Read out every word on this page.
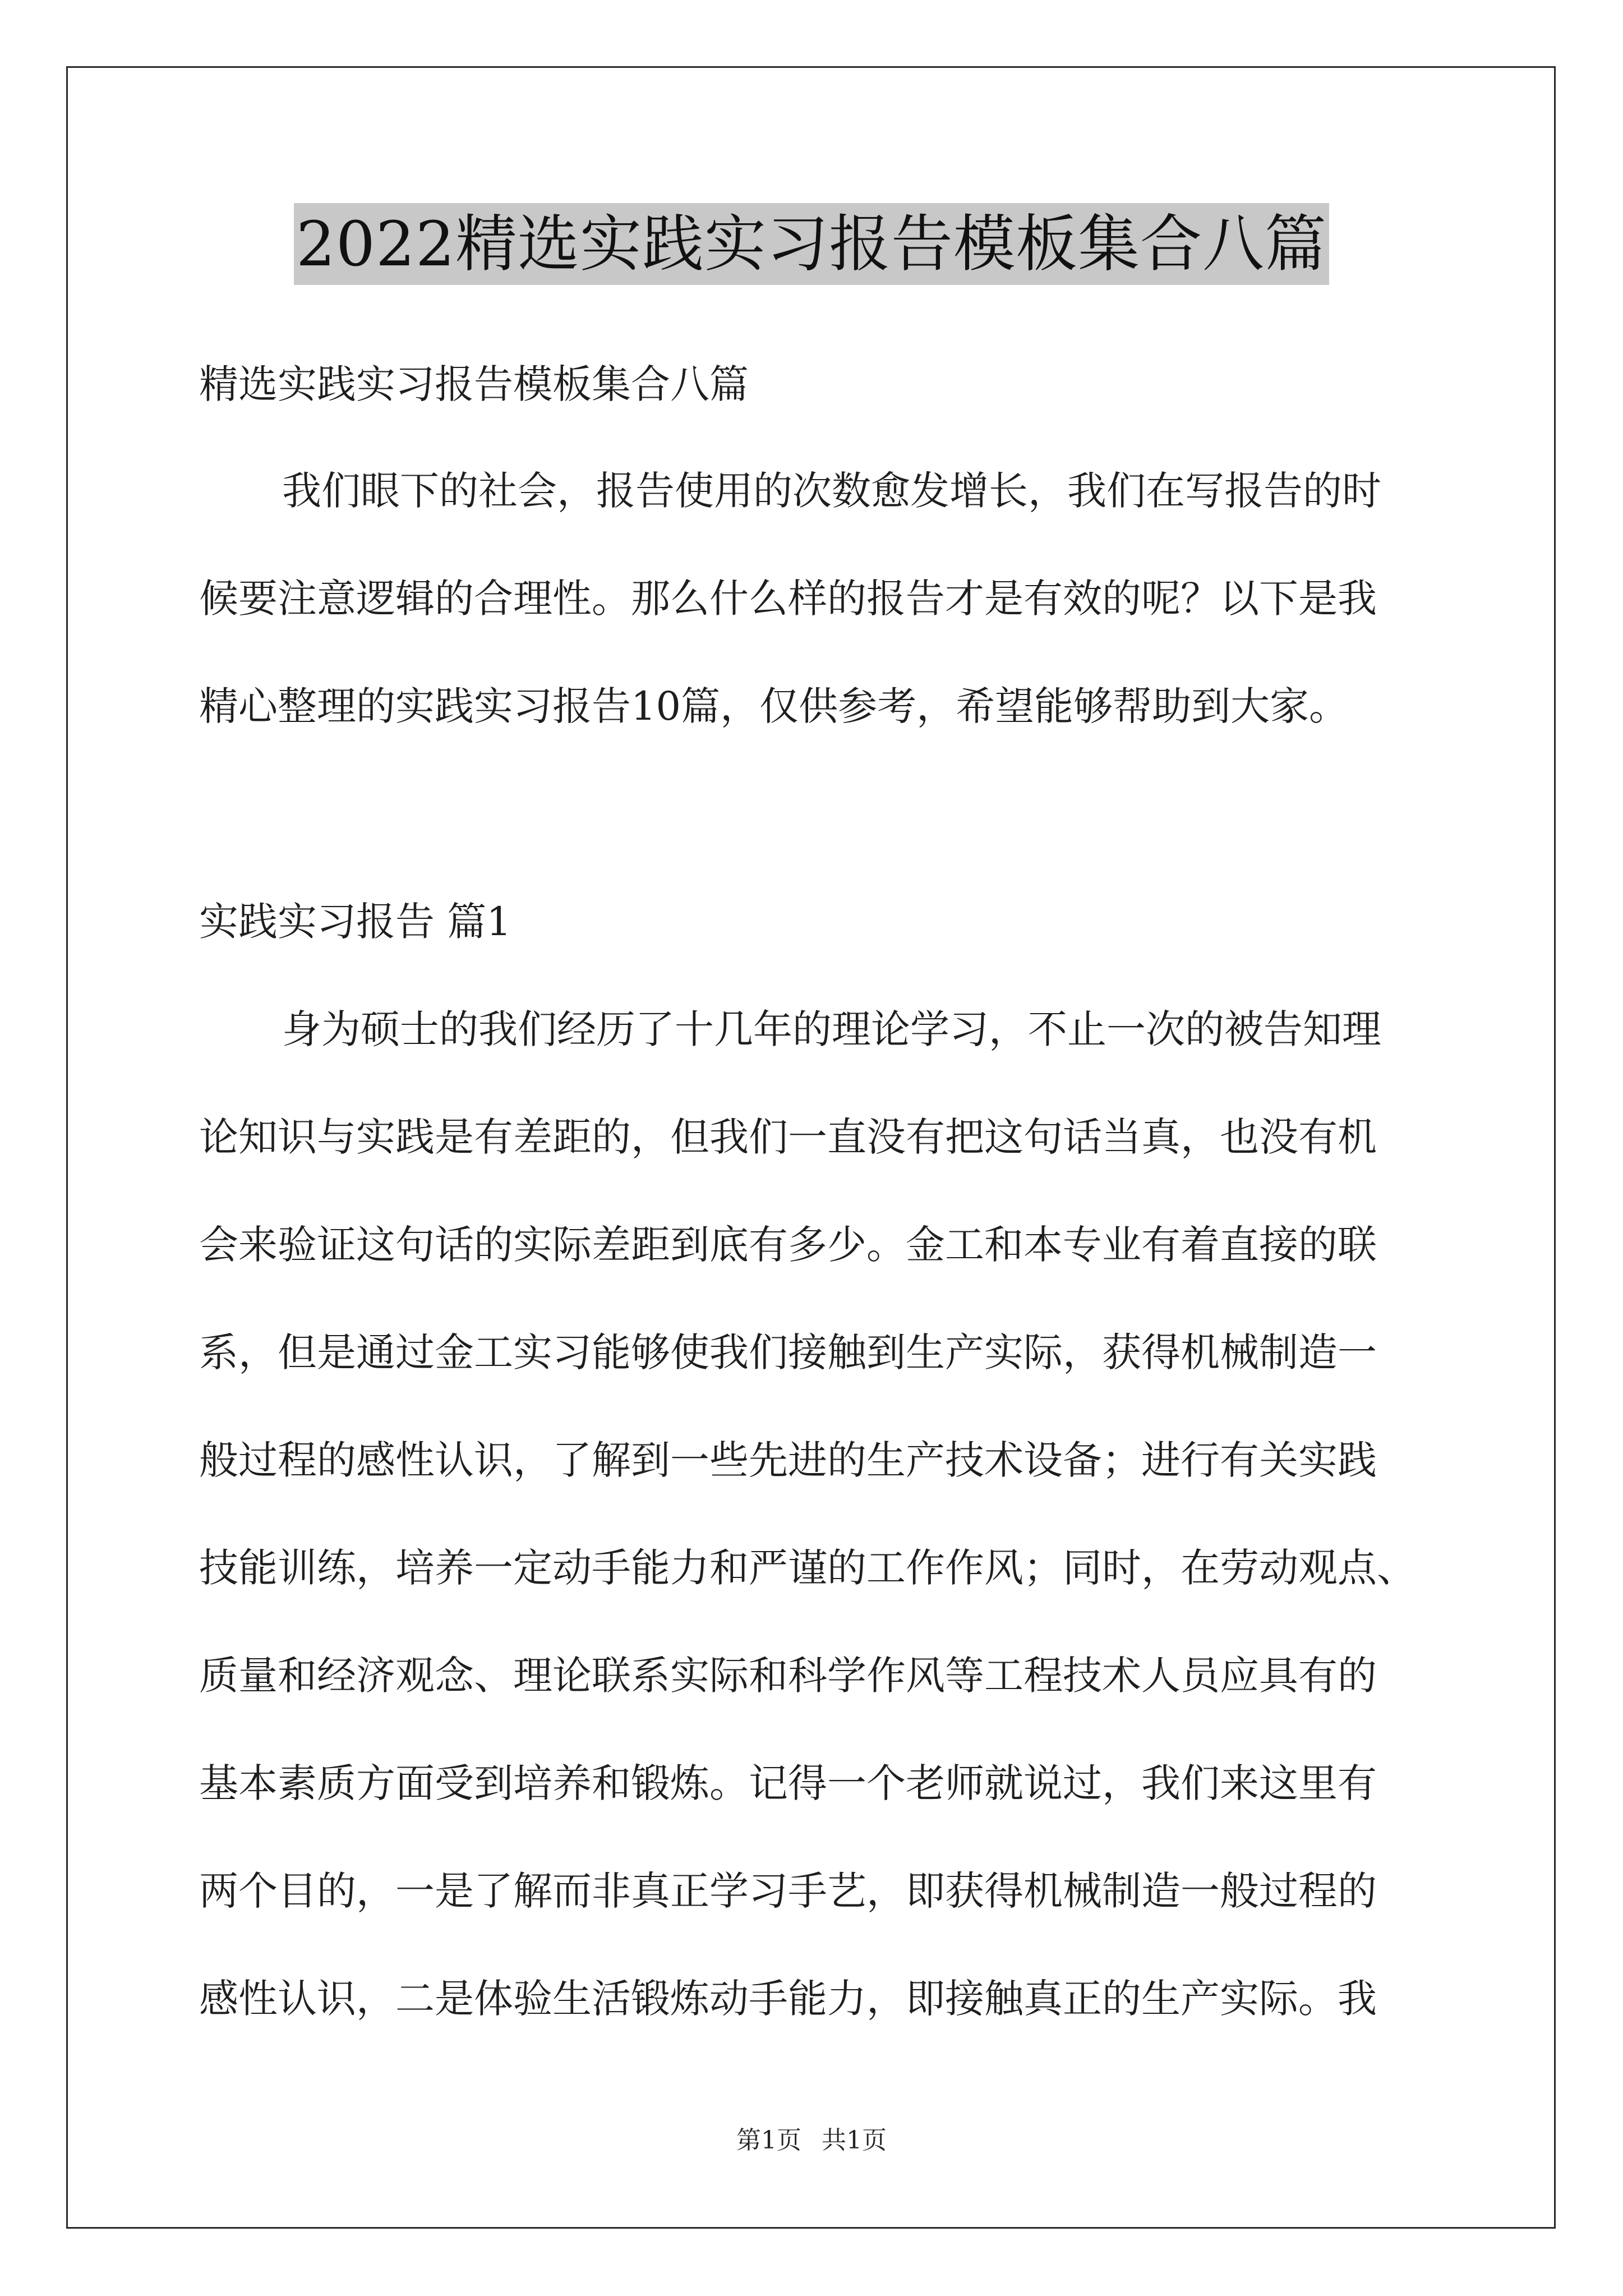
2022精选实践实习报告模板集合八篇
精选实践实习报告模板集合八篇
我们眼下的社会，报告使用的次数愈发增长，我们在写报告的时
候要注意逻辑的合理性。那么什么样的报告才是有效的呢？以下是我
精心整理的实践实习报告10篇，仅供参考，希望能够帮助到大家。
实践实习报告 篇1
身为硕士的我们经历了十几年的理论学习，不止一次的被告知理
论知识与实践是有差距的，但我们一直没有把这句话当真，也没有机
会来验证这句话的实际差距到底有多少。金工和本专业有着直接的联
系，但是通过金工实习能够使我们接触到生产实际，获得机械制造一
般过程的感性认识，了解到一些先进的生产技术设备；进行有关实践
技能训练，培养一定动手能力和严谨的工作作风；同时，在劳动观点、
质量和经济观念、理论联系实际和科学作风等工程技术人员应具有的
基本素质方面受到培养和锻炼。记得一个老师就说过，我们来这里有
两个目的，一是了解而非真正学习手艺，即获得机械制造一般过程的
感性认识，二是体验生活锻炼动手能力，即接触真正的生产实际。我
第1页 共1页
